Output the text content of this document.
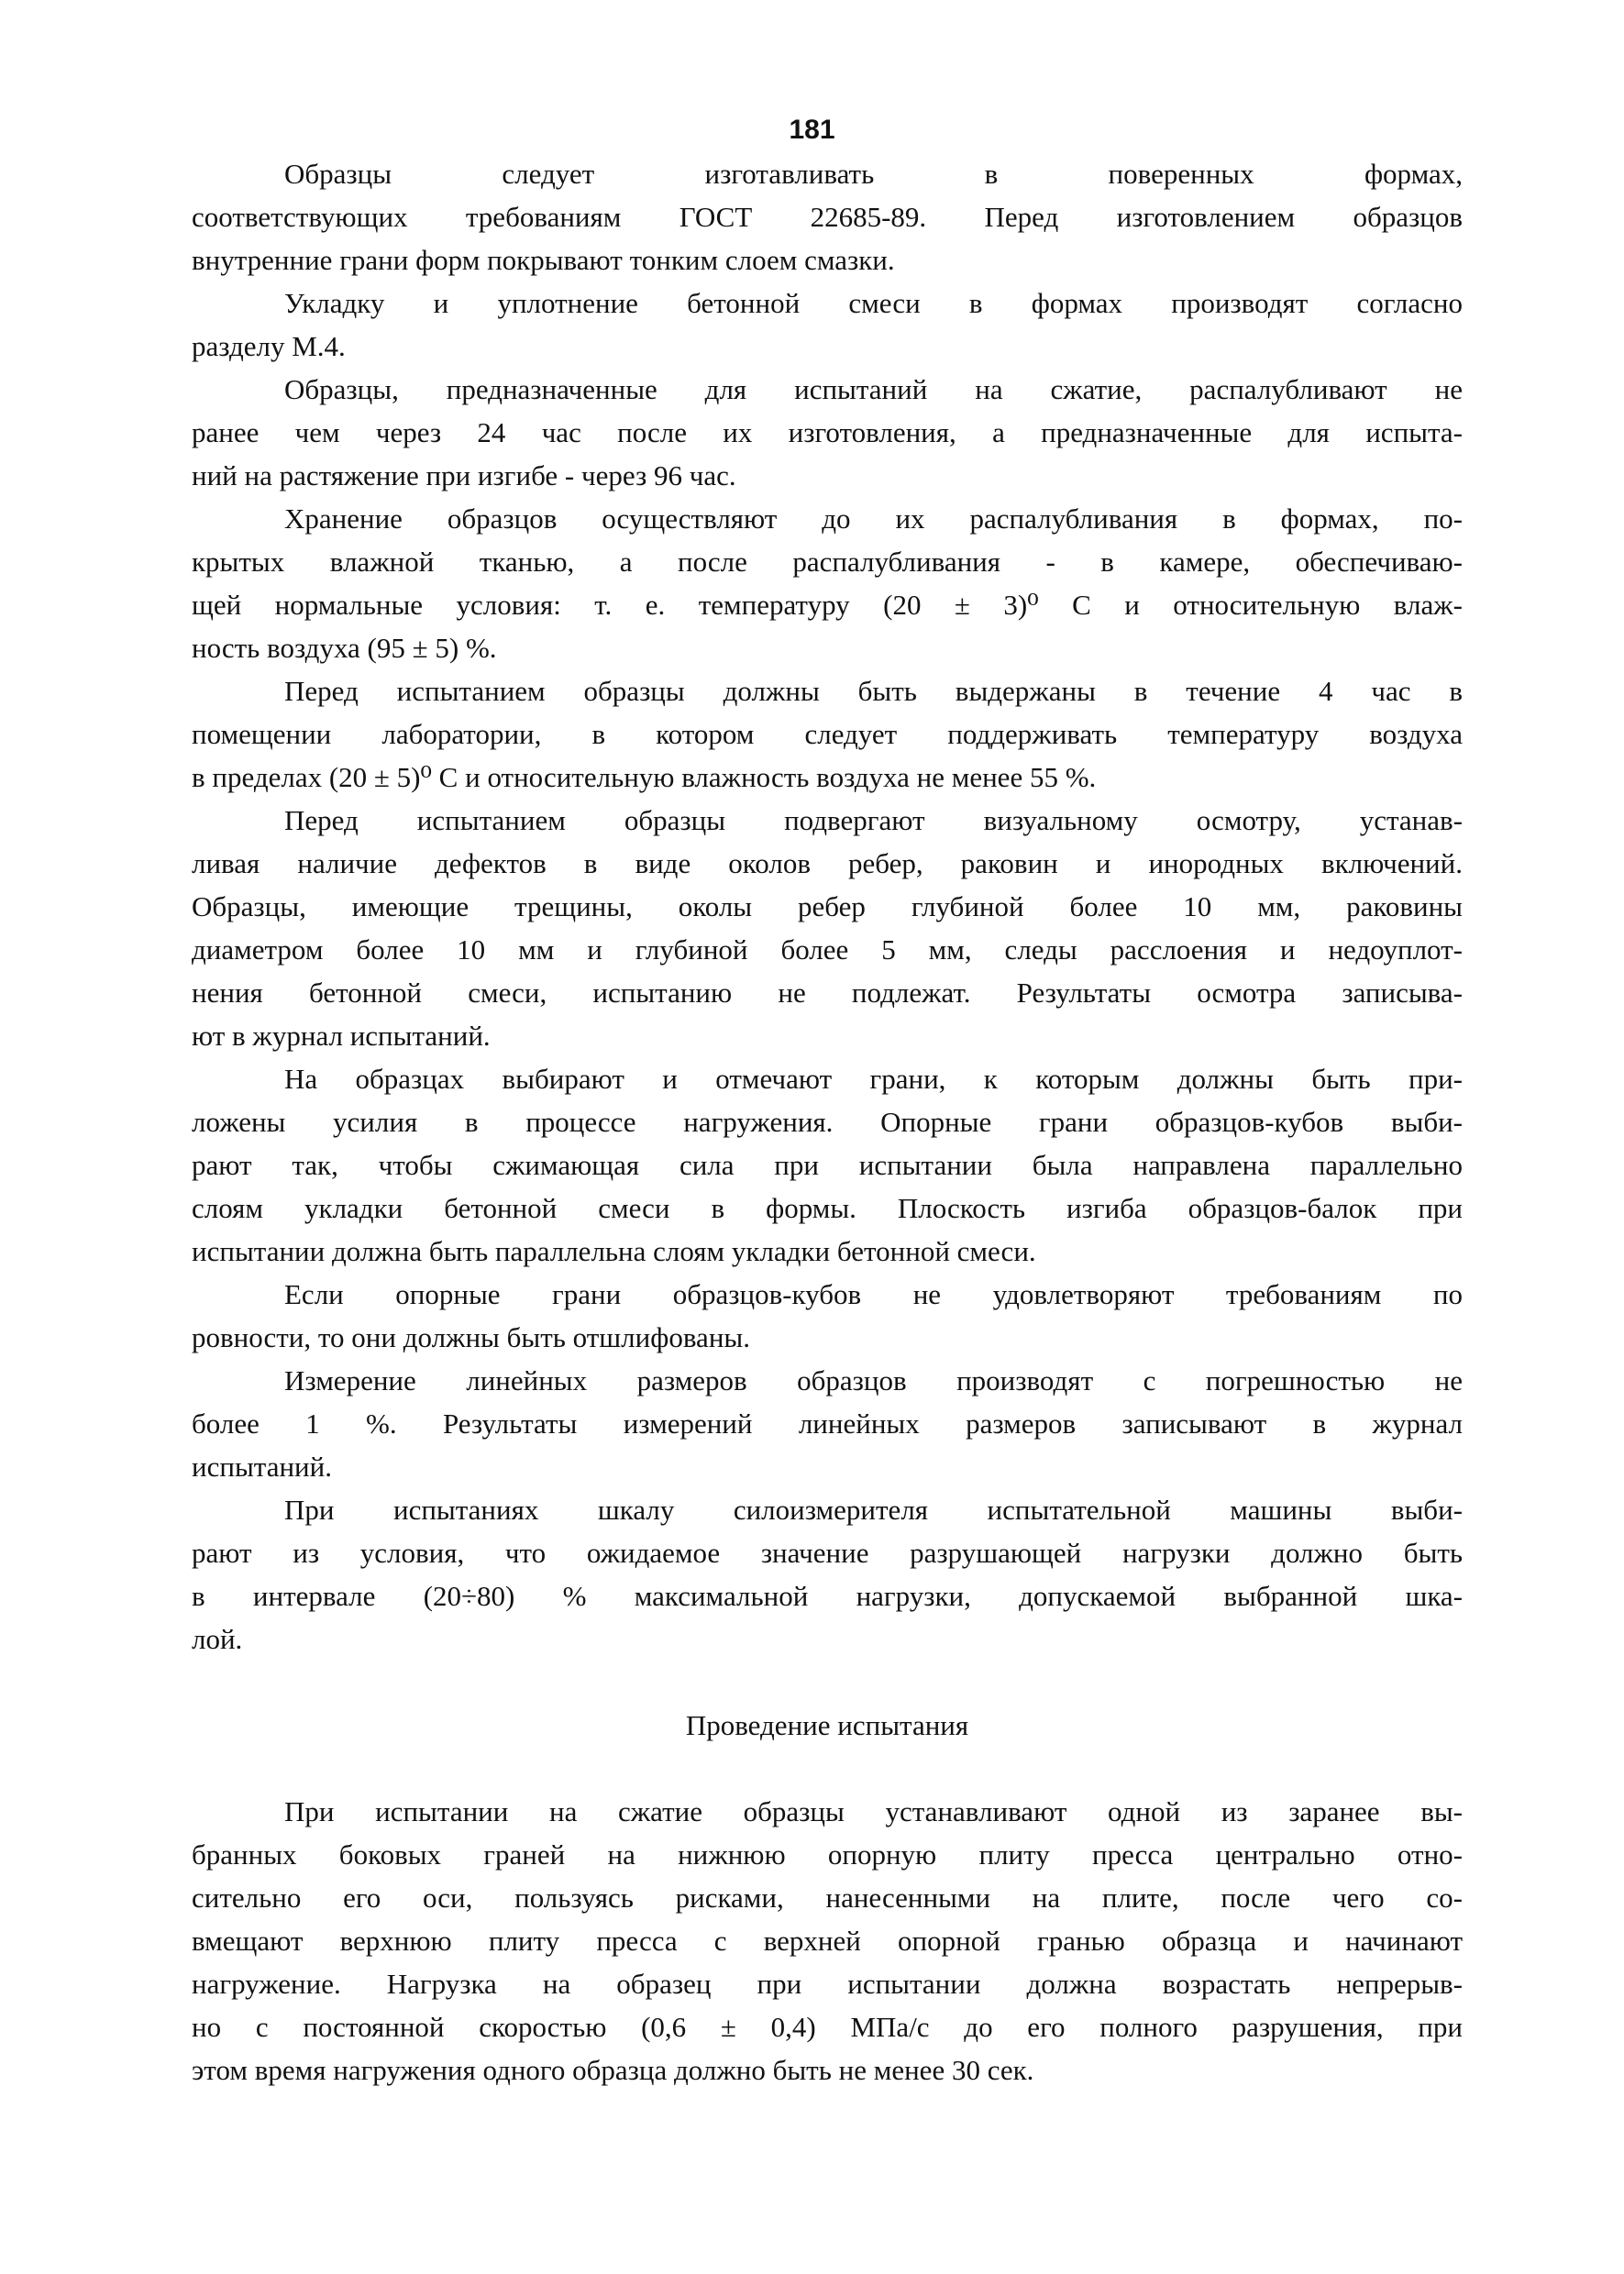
181
Образцы следует изготавливать в поверенных формах,
соответствующих требованиям ГОСТ 22685-89. Перед изготовлением образцов
внутренние грани форм покрывают тонким слоем смазки.
Укладку и уплотнение бетонной смеси в формах производят согласно
разделу М.4.
Образцы, предназначенные для испытаний на сжатие, распалубливают не
ранее чем через 24 час после их изготовления, а предназначенные для испыта-
ний на растяжение при изгибе - через 96 час.
Хранение образцов осуществляют до их распалубливания в формах, по-
крытых влажной тканью, а после распалубливания - в камере, обеспечиваю-
щей нормальные условия: т. е. температуру (20 ± 3)⁰ С и относительную влаж-
ность воздуха (95 ± 5) %.
Перед испытанием образцы должны быть выдержаны в течение 4 час в
помещении лаборатории, в котором следует поддерживать температуру воздуха
в пределах (20 ± 5)⁰ С и относительную влажность воздуха не менее 55 %.
Перед испытанием образцы подвергают визуальному осмотру, устанав-
ливая наличие дефектов в виде околов ребер, раковин и инородных включений.
Образцы, имеющие трещины, околы ребер глубиной более 10 мм, раковины
диаметром более 10 мм и глубиной более 5 мм, следы расслоения и недоуплот-
нения бетонной смеси, испытанию не подлежат. Результаты осмотра записыва-
ют в журнал испытаний.
На образцах выбирают и отмечают грани, к которым должны быть при-
ложены усилия в процессе нагружения. Опорные грани образцов-кубов выби-
рают так, чтобы сжимающая сила при испытании была направлена параллельно
слоям укладки бетонной смеси в формы. Плоскость изгиба образцов-балок при
испытании должна быть параллельна слоям укладки бетонной смеси.
Если опорные грани образцов-кубов не удовлетворяют требованиям по
ровности, то они должны быть отшлифованы.
Измерение линейных размеров образцов производят с погрешностью не
более 1 %. Результаты измерений линейных размеров записывают в журнал
испытаний.
При испытаниях шкалу силоизмерителя испытательной машины выби-
рают из условия, что ожидаемое значение разрушающей нагрузки должно быть
в интервале (20÷80) % максимальной нагрузки, допускаемой выбранной шка-
лой.
Проведение испытания
При испытании на сжатие образцы устанавливают одной из заранее вы-
бранных боковых граней на нижнюю опорную плиту пресса центрально отно-
сительно его оси, пользуясь рисками, нанесенными на плите, после чего со-
вмещают верхнюю плиту пресса с верхней опорной гранью образца и начинают
нагружение. Нагрузка на образец при испытании должна возрастать непрерыв-
но с постоянной скоростью (0,6 ± 0,4) МПа/с до его полного разрушения, при
этом время нагружения одного образца должно быть не менее 30 сек.
